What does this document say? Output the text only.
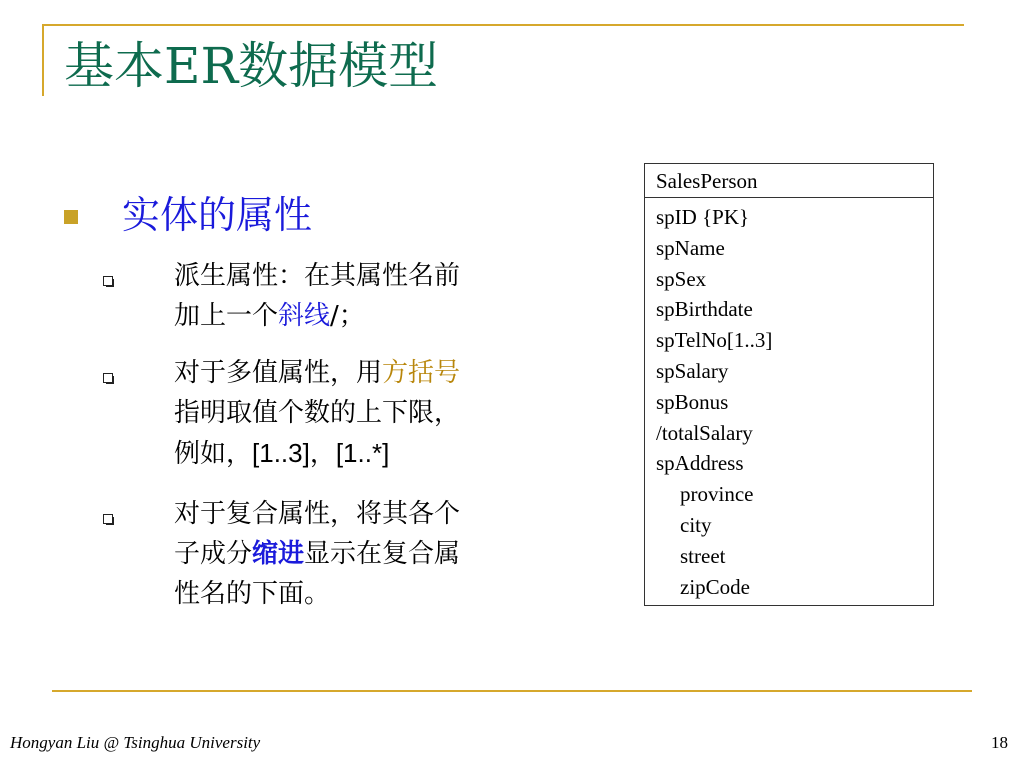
基本ER数据模型
实体的属性
派生属性：在其属性名前
加上一个斜线/；
对于多值属性，用方括号
指明取值个数的上下限，
例如，[1..3]，[1..*]
对于复合属性，将其各个
子成分缩进显示在复合属
性名的下面。
SalesPerson
spID {PK}
spName
spSex
spBirthdate
spTelNo[1..3]
spSalary
spBonus
/totalSalary
spAddress
province
city
street
zipCode
Hongyan Liu @ Tsinghua University	18
